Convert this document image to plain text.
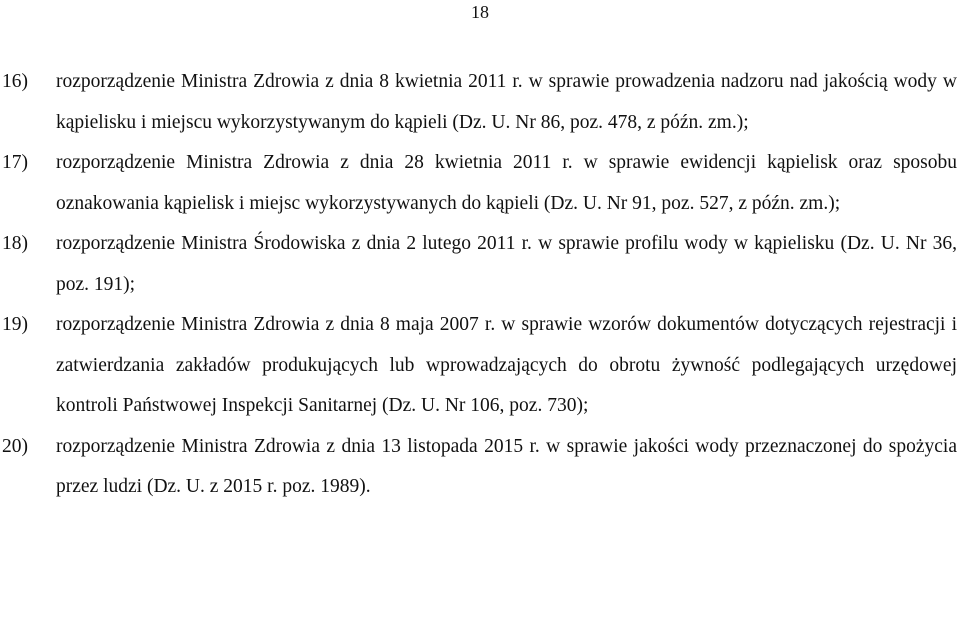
18
16) rozporządzenie Ministra Zdrowia z dnia 8 kwietnia 2011 r. w sprawie prowadzenia nadzoru nad jakością wody w kąpielisku i miejscu wykorzystywanym do kąpieli (Dz. U. Nr 86, poz. 478, z późn. zm.);
17) rozporządzenie Ministra Zdrowia z dnia 28 kwietnia 2011 r. w sprawie ewidencji kąpielisk oraz sposobu oznakowania kąpielisk i miejsc wykorzystywanych do kąpieli (Dz. U. Nr 91, poz. 527, z późn. zm.);
18) rozporządzenie Ministra Środowiska z dnia 2 lutego 2011 r. w sprawie profilu wody w kąpielisku (Dz. U. Nr 36, poz. 191);
19) rozporządzenie Ministra Zdrowia z dnia 8 maja 2007 r. w sprawie wzorów dokumentów dotyczących rejestracji i zatwierdzania zakładów produkujących lub wprowadzających do obrotu żywność podlegających urzędowej kontroli Państwowej Inspekcji Sanitarnej (Dz. U. Nr 106, poz. 730);
20) rozporządzenie Ministra Zdrowia z dnia 13 listopada 2015 r. w sprawie jakości wody przeznaczonej do spożycia przez ludzi (Dz. U. z 2015 r. poz. 1989).
